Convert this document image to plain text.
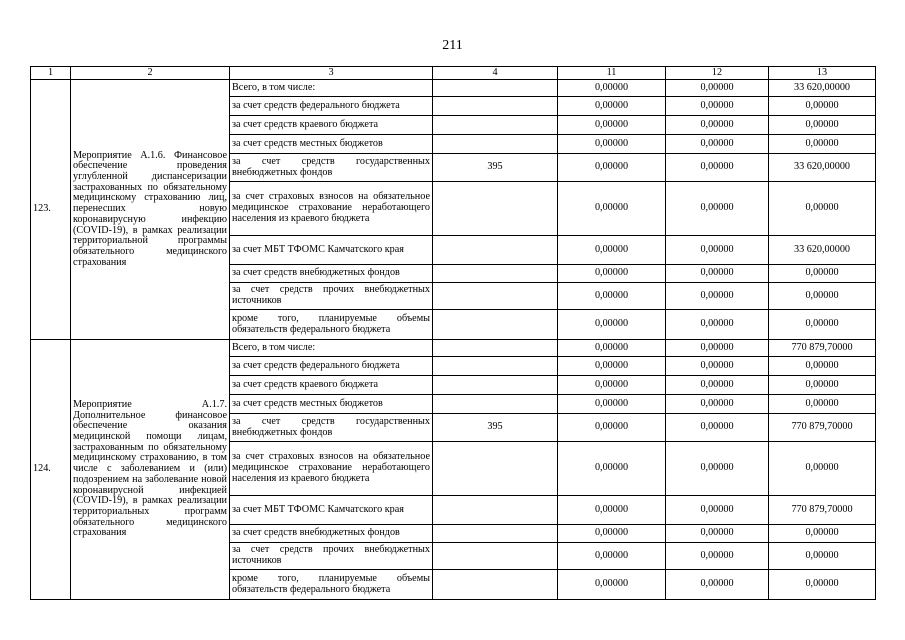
211
1	2	3	4	11	12	13
123.	Мероприятие А.1.6. Финансовое обеспечение проведения углубленной диспансеризации застрахованных по обязательному медицинскому страхованию лиц, перенесших новую коронавирусную инфекцию (COVID-19), в рамках реализации территориальной программы обязательного медицинского страхования	Всего, в том числе:		0,00000	0,00000	33 620,00000
		за счет средств федерального бюджета		0,00000	0,00000	0,00000
		за счет средств краевого бюджета		0,00000	0,00000	0,00000
		за счет средств местных бюджетов		0,00000	0,00000	0,00000
		за счет средств государственных внебюджетных фондов	395	0,00000	0,00000	33 620,00000
		за счет страховых взносов на обязательное медицинское страхование неработающего населения из краевого бюджета		0,00000	0,00000	0,00000
		за счет МБТ ТФОМС Камчатского края		0,00000	0,00000	33 620,00000
		за счет средств внебюджетных фондов		0,00000	0,00000	0,00000
		за счет средств прочих внебюджетных источников		0,00000	0,00000	0,00000
		кроме того, планируемые объемы обязательств федерального бюджета		0,00000	0,00000	0,00000
124.	Мероприятие А.1.7. Дополнительное финансовое обеспечение оказания медицинской помощи лицам, застрахованным по обязательному медицинскому страхованию, в том числе с заболеванием и (или) подозрением на заболевание новой коронавирусной инфекцией (COVID-19), в рамках реализации территориальных программ обязательного медицинского страхования	Всего, в том числе:		0,00000	0,00000	770 879,70000
		за счет средств федерального бюджета		0,00000	0,00000	0,00000
		за счет средств краевого бюджета		0,00000	0,00000	0,00000
		за счет средств местных бюджетов		0,00000	0,00000	0,00000
		за счет средств государственных внебюджетных фондов	395	0,00000	0,00000	770 879,70000
		за счет страховых взносов на обязательное медицинское страхование неработающего населения из краевого бюджета		0,00000	0,00000	0,00000
		за счет МБТ ТФОМС Камчатского края		0,00000	0,00000	770 879,70000
		за счет средств внебюджетных фондов		0,00000	0,00000	0,00000
		за счет средств прочих внебюджетных источников		0,00000	0,00000	0,00000
		кроме того, планируемые объемы обязательств федерального бюджета		0,00000	0,00000	0,00000
